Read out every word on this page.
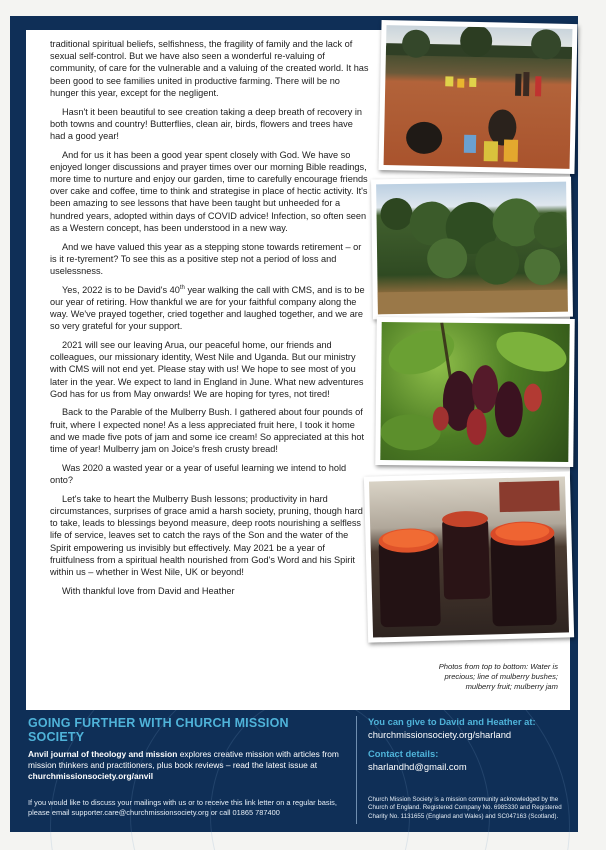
traditional spiritual beliefs, selfishness, the fragility of family and the lack of sexual self-control. But we have also seen a wonderful re-valuing of community, of care for the vulnerable and a valuing of the created world. It has been good to see families united in productive farming. There will be no hunger this year, except for the negligent.

Hasn't it been beautiful to see creation taking a deep breath of recovery in both towns and country! Butterflies, clean air, birds, flowers and trees have had a good year!

And for us it has been a good year spent closely with God. We have so enjoyed longer discussions and prayer times over our morning Bible readings, more time to nurture and enjoy our garden, time to carefully encourage friends over cake and coffee, time to think and strategise in place of hectic activity. It's been amazing to see lessons that have been taught but unheeded for a hundred years, adopted within days of COVID advice! Infection, so often seen as a Western concept, has been understood in a new way.

And we have valued this year as a stepping stone towards retirement – or is it re-tyrement? To see this as a positive step not a period of loss and uselessness.

Yes, 2022 is to be David's 40th year walking the call with CMS, and is to be our year of retiring. How thankful we are for your faithful company along the way. We've prayed together, cried together and laughed together, and we are so very grateful for your support.

2021 will see our leaving Arua, our peaceful home, our friends and colleagues, our missionary identity, West Nile and Uganda. But our ministry with CMS will not end yet. Please stay with us! We hope to see most of you later in the year. We expect to land in England in June. What new adventures God has for us from May onwards! We are hoping for tyres, not tired!

Back to the Parable of the Mulberry Bush. I gathered about four pounds of fruit, where I expected none! As a less appreciated fruit here, I took it home and we made five pots of jam and some ice cream! So appreciated at this hot time of year! Mulberry jam on Joice's fresh crusty bread!

Was 2020 a wasted year or a year of useful learning we intend to hold onto?

Let's take to heart the Mulberry Bush lessons; productivity in hard circumstances, surprises of grace amid a harsh society, pruning, though hard to take, leads to blessings beyond measure, deep roots nourishing a selfless life of service, leaves set to catch the rays of the Son and the water of the Spirit empowering us invisibly but effectively. May 2021 be a year of fruitfulness from a spiritual health nourished from God's Word and his Spirit within us – whether in West Nile, UK or beyond!

With thankful love from David and Heather

Photos from top to bottom: Water is precious; line of mulberry bushes; mulberry fruit; mulberry jam
GOING FURTHER WITH CHURCH MISSION SOCIETY
Anvil journal of theology and mission explores creative mission with articles from mission thinkers and practitioners, plus book reviews – read the latest issue at churchmissionsociety.org/anvil
If you would like to discuss your mailings with us or to receive this link letter on a regular basis, please email supporter.care@churchmissionsociety.org or call 01865 787400
You can give to David and Heather at:
churchmissionsociety.org/sharland
Contact details:
sharlandhd@gmail.com
Church Mission Society is a mission community acknowledged by the Church of England. Registered Company No. 6985330 and Registered Charity No. 1131655 (England and Wales) and SC047163 (Scotland).
